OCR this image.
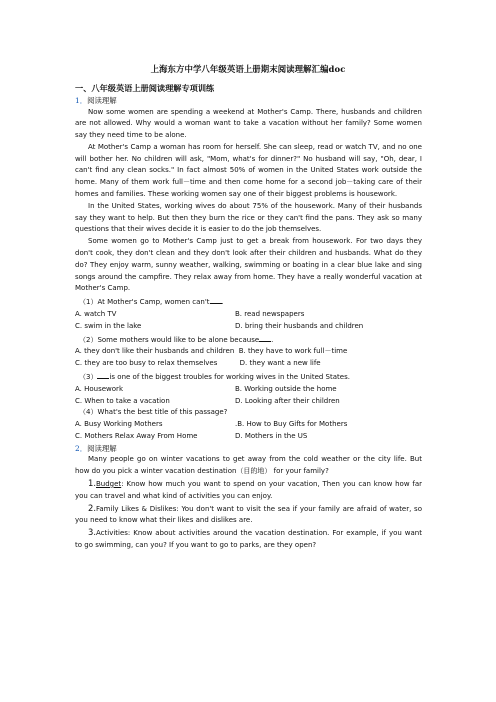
上海东方中学八年级英语上册期末阅读理解汇编doc
一、八年级英语上册阅读理解专项训练
1．阅读理解

Now some women are spending a weekend at Mother's Camp. There, husbands and children are not allowed. Why would a woman want to take a vacation without her family? Some women say they need time to be alone.

At Mother's Camp a woman has room for herself. She can sleep, read or watch TV, and no one will bother her. No children will ask, "Mom, what's for dinner?" No husband will say, "Oh, dear, I can't find any clean socks." In fact almost 50% of women in the United States work outside the home. Many of them work full－time and then come home for a second job－taking care of their homes and families. These working women say one of their biggest problems is housework.

In the United States, working wives do about 75% of the housework. Many of their husbands say they want to help. But then they burn the rice or they can't find the pans. They ask so many questions that their wives decide it is easier to do the job themselves.

Some women go to Mother's Camp just to get a break from housework. For two days they don't cook, they don't clean and they don't look after their children and husbands. What do they do? They enjoy warm, sunny weather, walking, swimming or boating in a clear blue lake and sing songs around the campfire. They relax away from home. They have a really wonderful vacation at Mother's Camp.

（1）At Mother's Camp, women can't .
A. watch TV	B. read newspapers
C. swim in the lake	D. bring their husbands and children
（2）Some mothers would like to be alone because .
A. they don't like their husbands and children
B. they have to work full－time
C. they are too busy to relax themselves
	D. they want a new life
（3） is one of the biggest troubles for working wives in the United States.
A. Housework	B. Working outside the home
C. When to take a vacation	D. Looking after their children
（4）What's the best title of this passage?
A. Busy Working Mothers	.B. How to Buy Gifts for Mothers
C. Mothers Relax Away From Home	D. Mothers in the US
2．阅读理解

Many people go on winter vacations to get away from the cold weather or the city life. But how do you pick a winter vacation destination（目的地） for your family?

1.Budget: Know how much you want to spend on your vacation, Then you can know how far you can travel and what kind of activities you can enjoy.

2.Family Likes & Dislikes: You don't want to visit the sea if your family are afraid of water, so you need to know what their likes and dislikes are.

3.Activities: Know about activities around the vacation destination. For example, if you want to go swimming, can you? If you want to go to parks, are they open?
